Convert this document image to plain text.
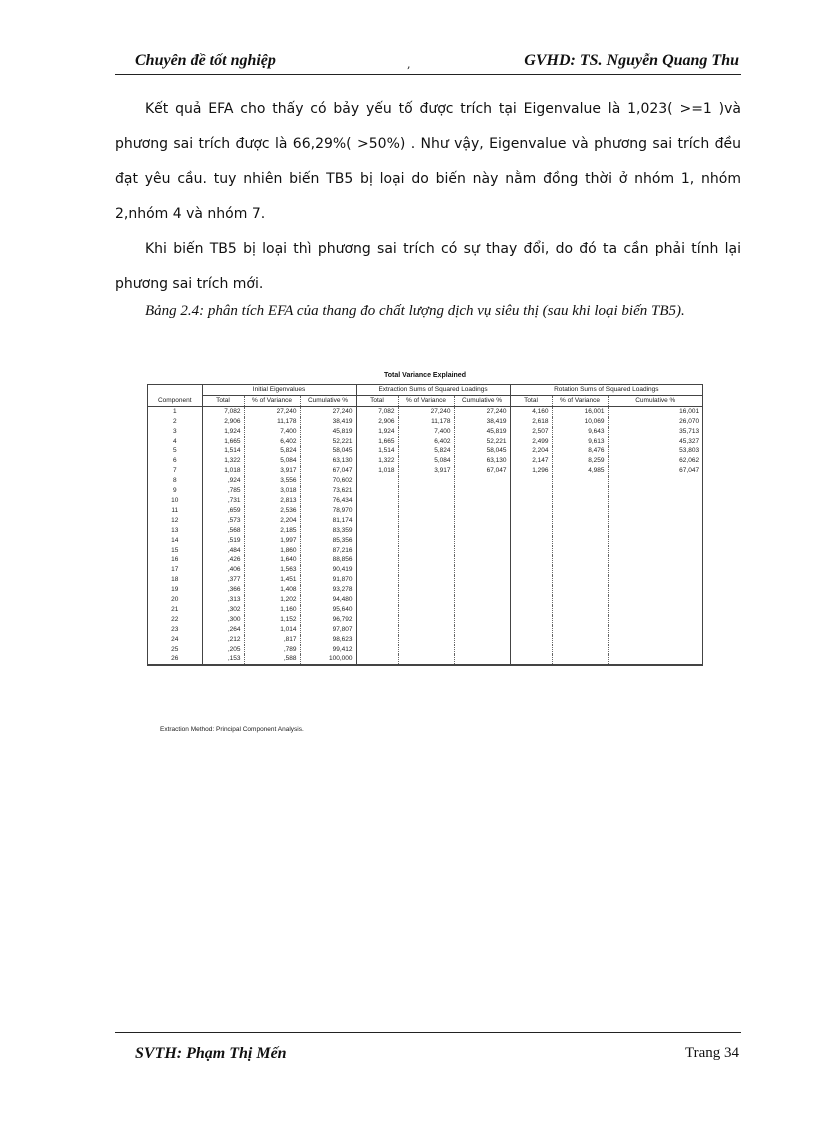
Chuyên đề tốt nghiệp	,	GVHD: TS. Nguyễn Quang Thu

Kết quả EFA cho thấy có bảy yếu tố được trích tại Eigenvalue là 1,023( >=1 )và phương sai trích được là 66,29%( >50%) . Như vậy, Eigenvalue và phương sai trích đều đạt yêu cầu. tuy nhiên biến TB5 bị loại do biến này nằm đồng thời ở nhóm 1, nhóm 2,nhóm 4 và nhóm 7.

Khi biến TB5 bị loại thì phương sai trích có sự thay đổi, do đó ta cần phải tính lại phương sai trích mới.

Bảng 2.4: phân tích EFA của thang đo chất lượng dịch vụ siêu thị (sau khi loại biến TB5).
Total Variance Explained
	Initial Eigenvalues			Extraction Sums of Squared Loadings			Rotation Sums of Squared Loadings		
Component	Total	% of Variance	Cumulative %	Total	% of Variance	Cumulative %	Total	% of Variance	Cumulative %
1	7,082	27,240	27,240	7,082	27,240	27,240	4,160	16,001	16,001
2	2,906	11,178	38,419	2,906	11,178	38,419	2,618	10,069	26,070
3	1,924	7,400	45,819	1,924	7,400	45,819	2,507	9,643	35,713
4	1,665	6,402	52,221	1,665	6,402	52,221	2,499	9,613	45,327
5	1,514	5,824	58,045	1,514	5,824	58,045	2,204	8,476	53,803
6	1,322	5,084	63,130	1,322	5,084	63,130	2,147	8,259	62,062
7	1,018	3,917	67,047	1,018	3,917	67,047	1,296	4,985	67,047
8	,924	3,556	70,602						
9	,785	3,018	73,621						
10	,731	2,813	76,434						
11	,659	2,536	78,970						
12	,573	2,204	81,174						
13	,568	2,185	83,359						
14	,519	1,997	85,356						
15	,484	1,860	87,216						
16	,426	1,640	88,856						
17	,406	1,563	90,419						
18	,377	1,451	91,870						
19	,366	1,408	93,278						
20	,313	1,202	94,480						
21	,302	1,160	95,640						
22	,300	1,152	96,792						
23	,264	1,014	97,807						
24	,212	,817	98,623						
25	,205	,789	99,412						
26	,153	,588	100,000						
Extraction Method: Principal Component Analysis.
SVTH: Phạm Thị Mến	Trang 34
